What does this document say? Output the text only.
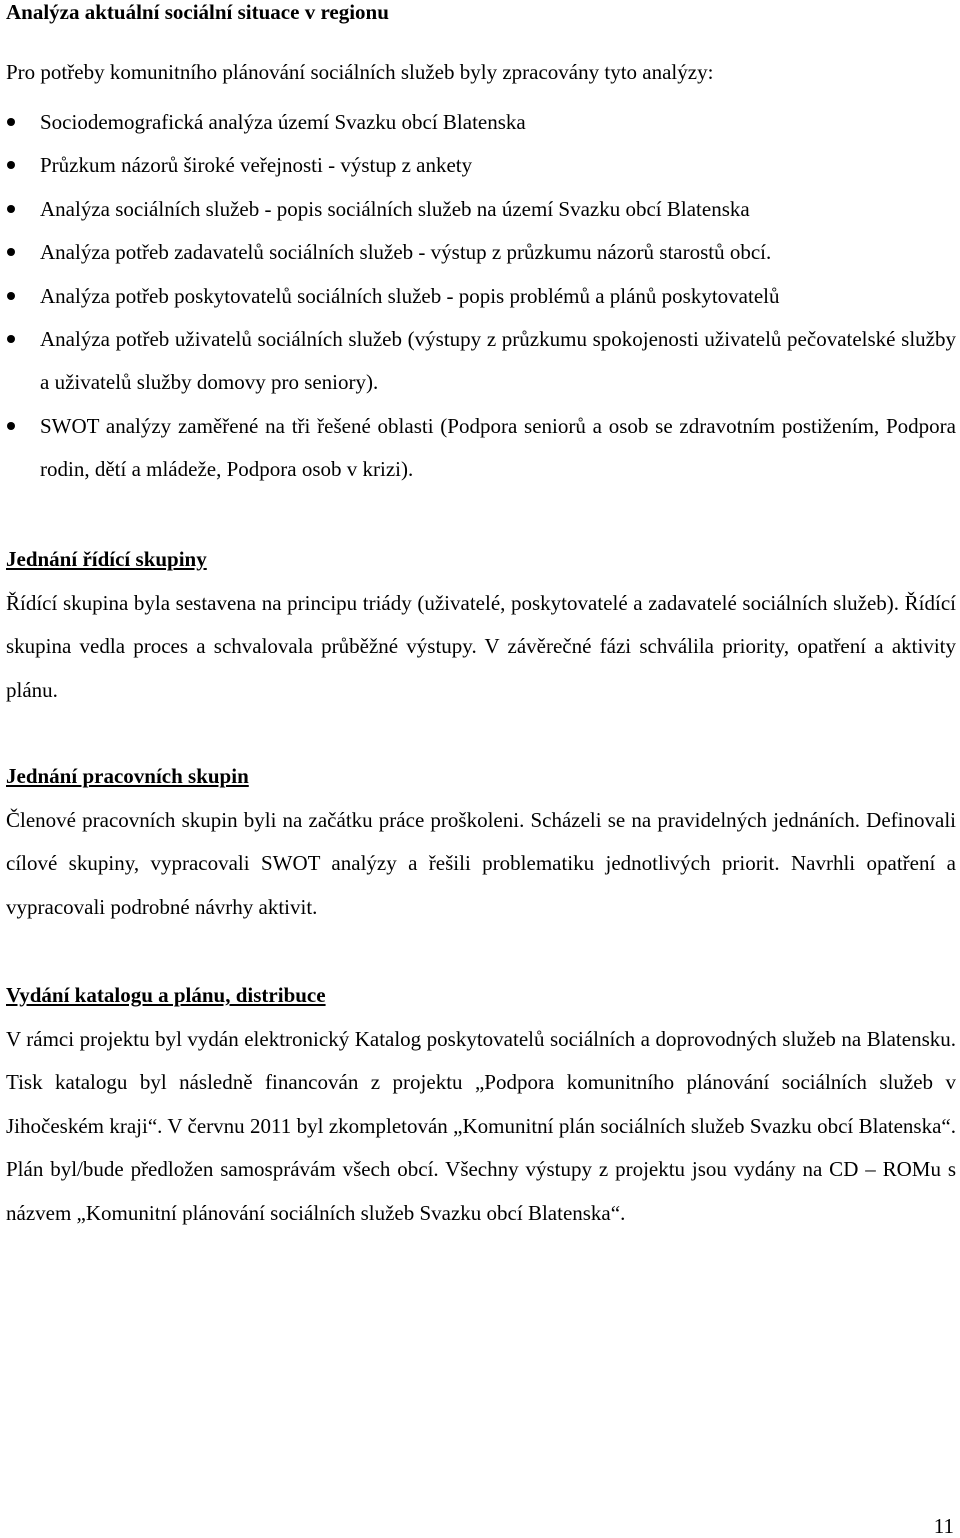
Analýza aktuální sociální situace v regionu

Pro potřeby komunitního plánování sociálních služeb byly zpracovány tyto analýzy:

Sociodemografická analýza území Svazku obcí Blatenska
Průzkum názorů široké veřejnosti - výstup z ankety
Analýza sociálních služeb - popis sociálních služeb na území Svazku obcí Blatenska
Analýza potřeb zadavatelů sociálních služeb - výstup z průzkumu názorů starostů obcí.
Analýza potřeb poskytovatelů sociálních služeb - popis problémů a plánů poskytovatelů
Analýza potřeb uživatelů sociálních služeb (výstupy z průzkumu spokojenosti uživatelů pečovatelské služby a uživatelů služby domovy pro seniory).
SWOT analýzy zaměřené na tři řešené oblasti (Podpora seniorů a osob se zdravotním postižením, Podpora rodin, dětí a mládeže, Podpora osob v krizi).
Jednání řídící skupiny

Řídící skupina byla sestavena na principu triády (uživatelé, poskytovatelé a zadavatelé sociálních služeb). Řídící skupina vedla proces a schvalovala průběžné výstupy. V závěrečné fázi schválila priority, opatření a aktivity plánu.

Jednání pracovních skupin

Členové pracovních skupin byli na začátku práce proškoleni. Scházeli se na pravidelných jednáních. Definovali cílové skupiny, vypracovali SWOT analýzy a řešili problematiku jednotlivých priorit. Navrhli opatření a vypracovali podrobné návrhy aktivit.

Vydání katalogu a plánu, distribuce

V rámci projektu byl vydán elektronický Katalog poskytovatelů sociálních a doprovodných služeb na Blatensku. Tisk katalogu byl následně financován z projektu „Podpora komunitního plánování sociálních služeb v Jihočeském kraji“. V červnu 2011 byl zkompletován „Komunitní plán sociálních služeb Svazku obcí Blatenska“. Plán byl/bude předložen samosprávám všech obcí. Všechny výstupy z projektu jsou vydány na CD – ROMu s názvem „Komunitní plánování sociálních služeb Svazku obcí Blatenska“.

11
